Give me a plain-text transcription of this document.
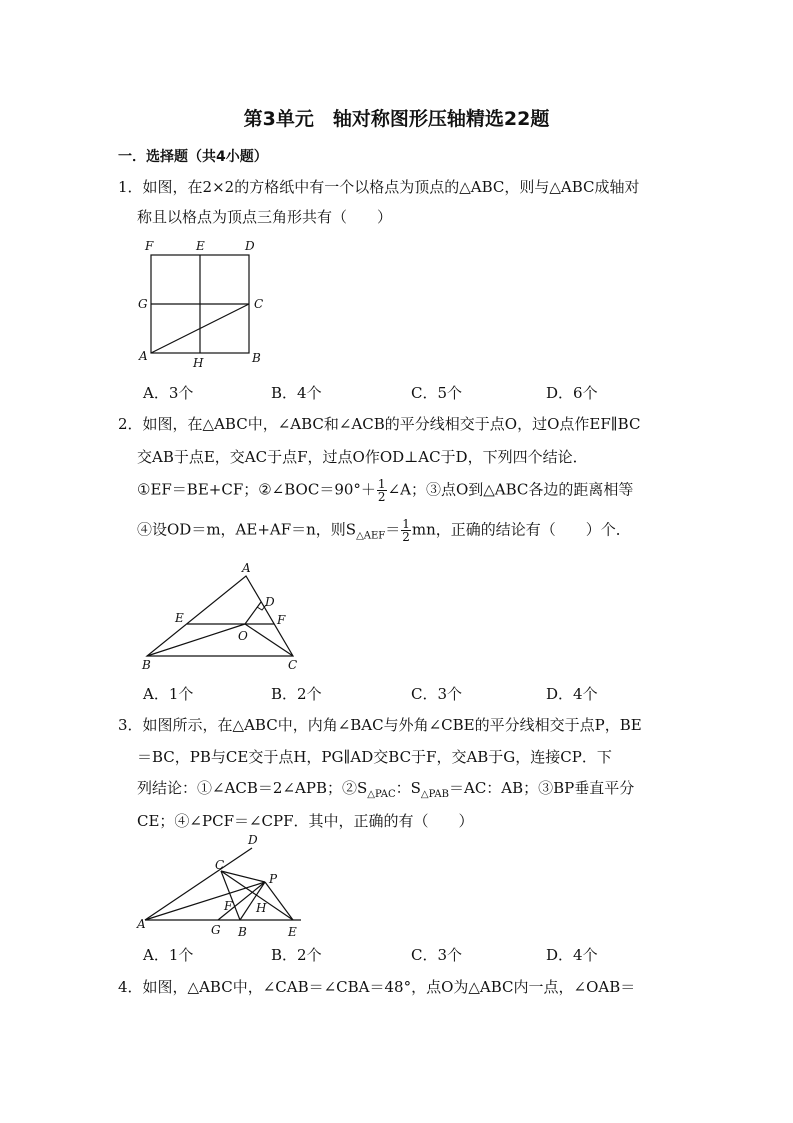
第3单元　轴对称图形压轴精选22题
一．选择题（共4小题）
1．如图，在2×2的方格纸中有一个以格点为顶点的△ABC，则与△ABC成轴对
称且以格点为顶点三角形共有（　　）
F	E	D
G	C
A	H	B
A．3个	B．4个	C．5个	D．6个
2．如图，在△ABC中，∠ABC和∠ACB的平分线相交于点O，过O点作EF∥BC
交AB于点E，交AC于点F，过点O作OD⊥AC于D，下列四个结论．
①EF＝BE+CF；②∠BOC＝90°＋ $\frac{1}{2}$ ∠A；③点O到△ABC各边的距离相等
④设OD＝m，AE+AF＝n，则$S_{\triangle AEF}= \frac{1}{2}$ mn，正确的结论有（　　）个．
A
D
E	F
O
B	C
A．1个	B．2个	C．3个	D．4个
3．如图所示，在△ABC中，内角∠BAC与外角∠CBE的平分线相交于点P，BE
＝BC，PB与CE交于点H，PG∥AD交BC于F，交AB于G，连接CP．下
列结论：①∠ACB＝2∠APB；$②S_{\triangle PAC}$：$S_{\triangle PAB}=AC$：AB；③BP垂直平分
CE；④∠PCF＝∠CPF．其中，正确的有（　　）
D
C
P
F H
A	G B	E
A．1个	B．2个	C．3个	D．4个
4．如图，△ABC中，∠CAB＝∠CBA＝48°，点O为△ABC内一点，∠OAB＝
